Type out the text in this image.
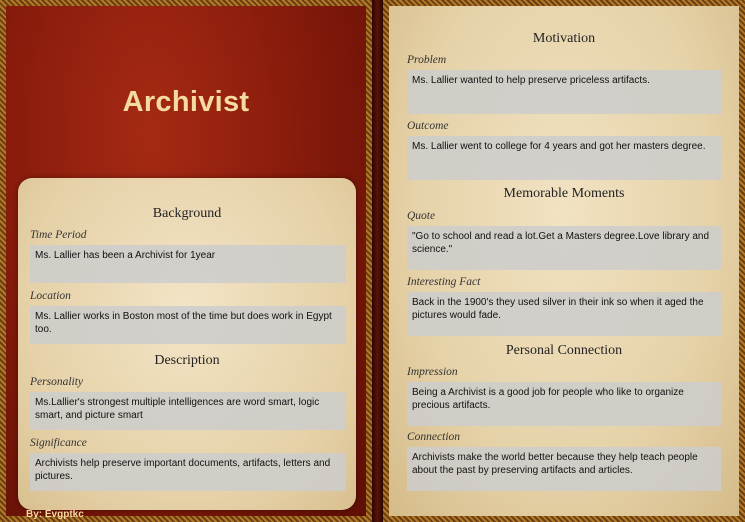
Archivist
Background
Time Period
Ms. Lallier has been a Archivist for 1year
Location
Ms. Lallier works in Boston most of the time but does work in Egypt too.
Description
Personality
Ms.Lallier's strongest multiple intelligences are word smart, logic smart, and picture smart
Significance
Archivists help preserve important documents, artifacts, letters and pictures.
Motivation
Problem
Ms. Lallier wanted to help preserve priceless artifacts.
Outcome
Ms. Lallier went to college for 4 years and got her masters degree.
Memorable Moments
Quote
"Go to school and read a lot.Get a Masters degree.Love library and science."
Interesting Fact
Back in the 1900's they used silver in their ink so when it aged the pictures would fade.
Personal Connection
Impression
Being a Archivist is a good job for people who like to organize precious artifacts.
Connection
Archivists make the world better because they help teach people about the past by preserving artifacts and articles.
By: Evgptkc
